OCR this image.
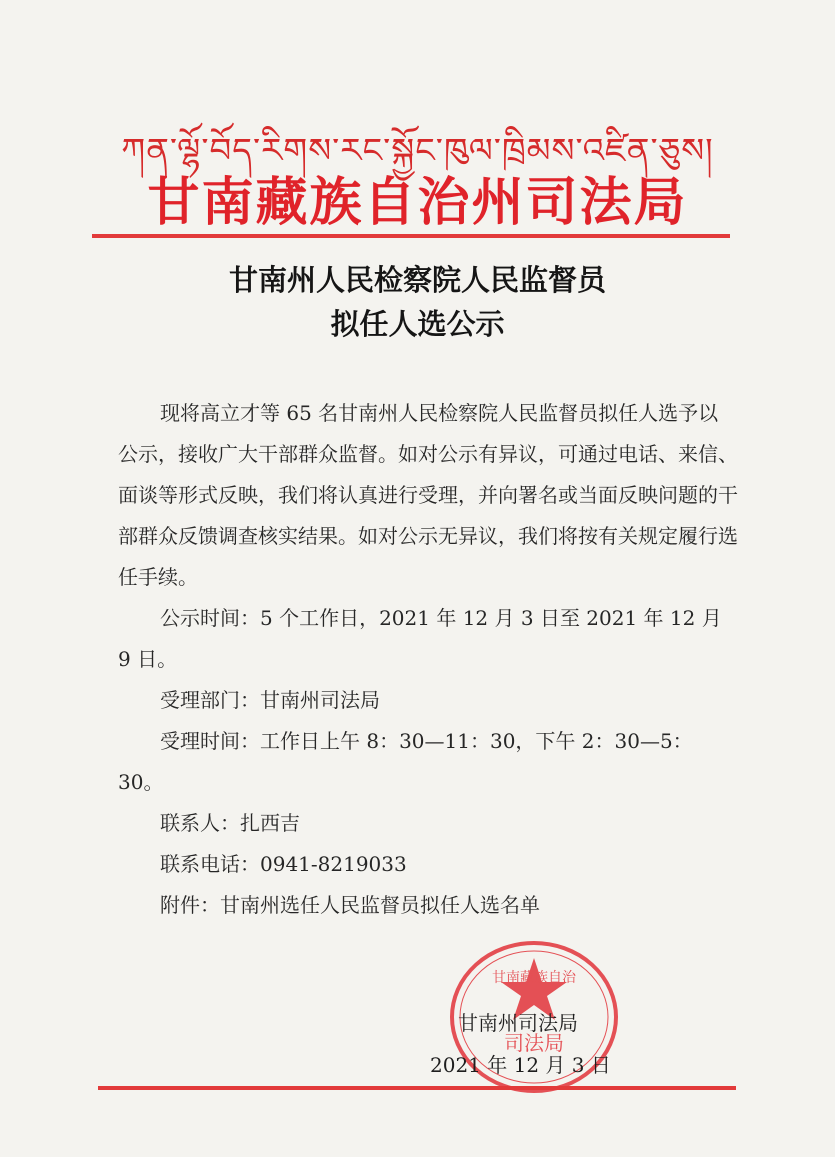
ཀན་ལྷོ་བོད་རིགས་རང་སྐྱོང་ཁུལ་ཁྲིམས་འཛིན་ཅུས།
甘南藏族自治州司法局
甘南州人民检察院人民监督员
拟任人选公示

现将高立才等 65 名甘南州人民检察院人民监督员拟任人选予以公示，接收广大干部群众监督。如对公示有异议，可通过电话、来信、面谈等形式反映，我们将认真进行受理，并向署名或当面反映问题的干部群众反馈调查核实结果。如对公示无异议，我们将按有关规定履行选任手续。

公示时间：5 个工作日，2021 年 12 月 3 日至 2021 年 12 月 9 日。

受理部门：甘南州司法局

受理时间：工作日上午 8：30—11：30，下午 2：30—5：30。

联系人：扎西吉

联系电话：0941-8219033

附件：甘南州选任人民监督员拟任人选名单

司法局
甘南藏族自治
甘南州司法局
2021 年 12 月 3 日
